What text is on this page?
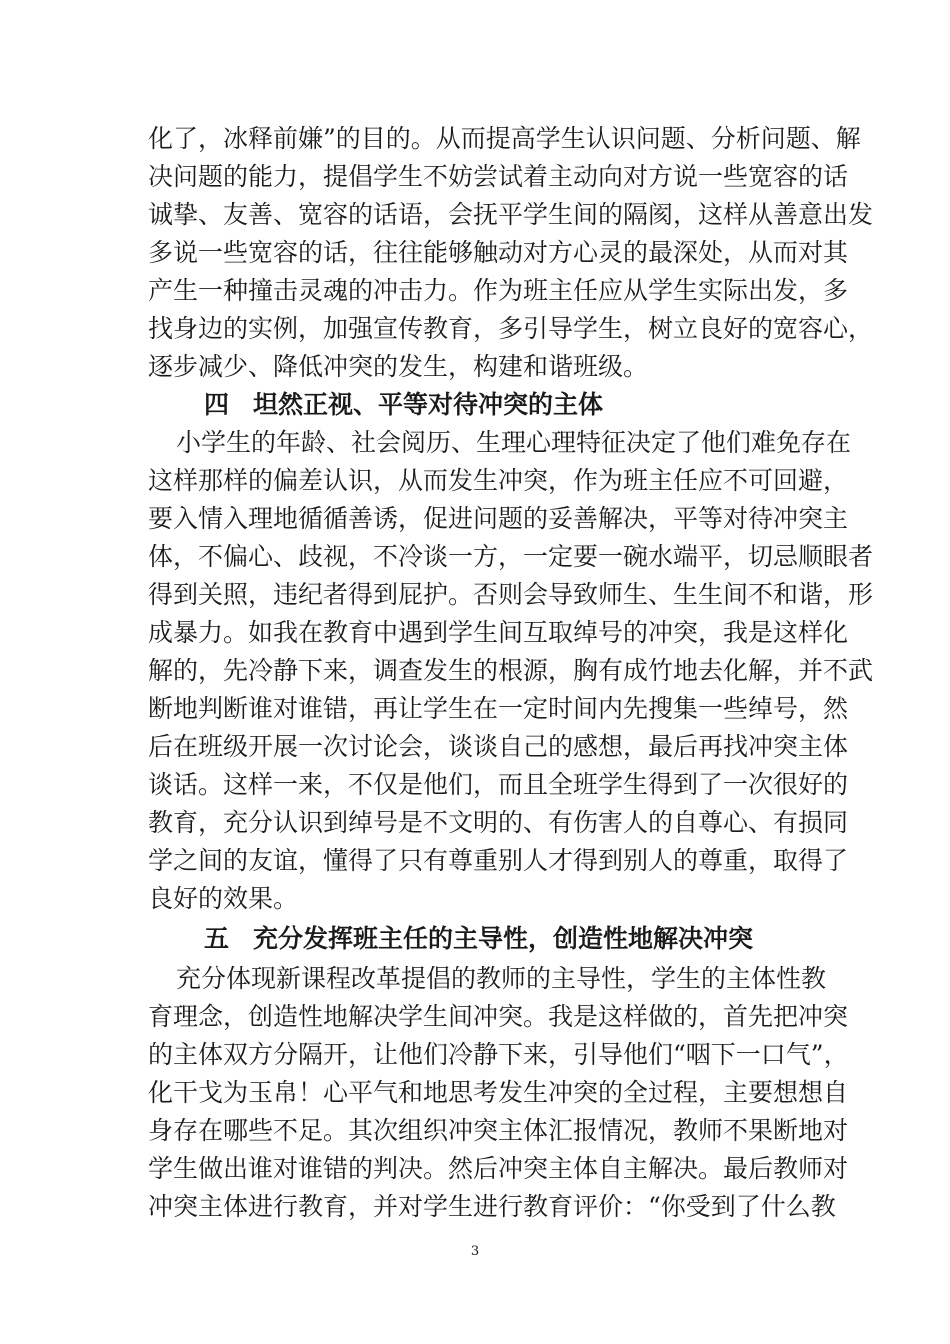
化了，冰释前嫌”的目的。从而提高学生认识问题、分析问题、解
决问题的能力，提倡学生不妨尝试着主动向对方说一些宽容的话
诚挚、友善、宽容的话语，会抚平学生间的隔阂，这样从善意出发
多说一些宽容的话，往往能够触动对方心灵的最深处，从而对其
产生一种撞击灵魂的冲击力。作为班主任应从学生实际出发，多
找身边的实例，加强宣传教育，多引导学生，树立良好的宽容心，
逐步减少、降低冲突的发生，构建和谐班级。
四 坦然正视、平等对待冲突的主体
小学生的年龄、社会阅历、生理心理特征决定了他们难免存在
这样那样的偏差认识，从而发生冲突，作为班主任应不可回避，
要入情入理地循循善诱，促进问题的妥善解决，平等对待冲突主
体，不偏心、歧视，不冷谈一方，一定要一碗水端平，切忌顺眼者
得到关照，违纪者得到屁护。否则会导致师生、生生间不和谐，形
成暴力。如我在教育中遇到学生间互取绰号的冲突，我是这样化
解的，先冷静下来，调查发生的根源，胸有成竹地去化解，并不武
断地判断谁对谁错，再让学生在一定时间内先搜集一些绰号，然
后在班级开展一次讨论会，谈谈自己的感想，最后再找冲突主体
谈话。这样一来，不仅是他们，而且全班学生得到了一次很好的
教育，充分认识到绰号是不文明的、有伤害人的自尊心、有损同
学之间的友谊，懂得了只有尊重别人才得到别人的尊重，取得了
良好的效果。
五 充分发挥班主任的主导性，创造性地解决冲突
充分体现新课程改革提倡的教师的主导性，学生的主体性教
育理念，创造性地解决学生间冲突。我是这样做的，首先把冲突
的主体双方分隔开，让他们冷静下来，引导他们“咽下一口气”，
化干戈为玉帛！心平气和地思考发生冲突的全过程，主要想想自
身存在哪些不足。其次组织冲突主体汇报情况，教师不果断地对
学生做出谁对谁错的判决。然后冲突主体自主解决。最后教师对
冲突主体进行教育，并对学生进行教育评价：“你受到了什么教
3
